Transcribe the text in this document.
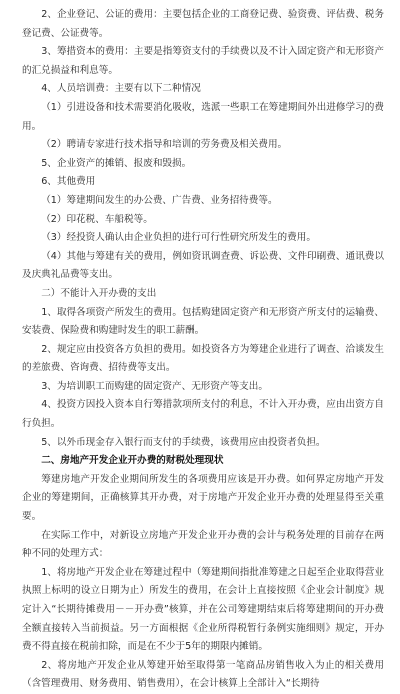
2、企业登记、公证的费用：主要包括企业的工商登记费、验资费、评估费、税务登记费、公证费等。

3、筹措资本的费用：主要是指筹资支付的手续费以及不计入固定资产和无形资产的汇兑损益和利息等。

4、人员培训费：主要有以下二种情况

（1）引进设备和技术需要消化吸收，选派一些职工在筹建期间外出进修学习的费用。

（2）聘请专家进行技术指导和培训的劳务费及相关费用。

5、企业资产的摊销、报废和毁损。

6、其他费用

（1）筹建期间发生的办公费、广告费、业务招待费等。

（2）印花税、车船税等。

（3）经投资人确认由企业负担的进行可行性研究所发生的费用。

（4）其他与筹建有关的费用，例如资讯调查费、诉讼费、文件印刷费、通讯费以及庆典礼品费等支出。

二）不能计入开办费的支出

1、取得各项资产所发生的费用。包括购建固定资产和无形资产所支付的运输费、安装费、保险费和购建时发生的职工薪酬。

2、规定应由投资各方负担的费用。如投资各方为筹建企业进行了调查、洽谈发生的差旅费、咨询费、招待费等支出。

3、为培训职工而购建的固定资产、无形资产等支出。

4、投资方因投入资本自行筹措款项所支付的利息，不计入开办费，应由出资方自行负担。

5、以外币现金存入银行而支付的手续费，该费用应由投资者负担。

二、房地产开发企业开办费的财税处理现状

筹建房地产开发企业期间所发生的各项费用应该是开办费。如何界定房地产开发企业的筹建期间，正确核算其开办费，对于房地产开发企业开办费的处理显得至关重要。

在实际工作中，对新设立房地产开发企业开办费的会计与税务处理的目前存在两种不同的处理方式：

1、将房地产开发企业在筹建过程中（筹建期间指批准筹建之日起至企业取得营业执照上标明的设立日期为止）所发生的费用，在会计上直接按照《企业会计制度》规定计入“长期待摊费用－－开办费”核算，并在公司筹建期结束后将筹建期间的开办费全额直接转入当前损益。另一方面根据《企业所得税暂行条例实施细则》规定，开办费不得直接在税前扣除，而是在不少于5年的期限内摊销。

2、将房地产开发企业从筹建开始至取得第一笔商品房销售收入为止的相关费用（含管理费用、财务费用、销售费用），在会计核算上全部计入“长期待
